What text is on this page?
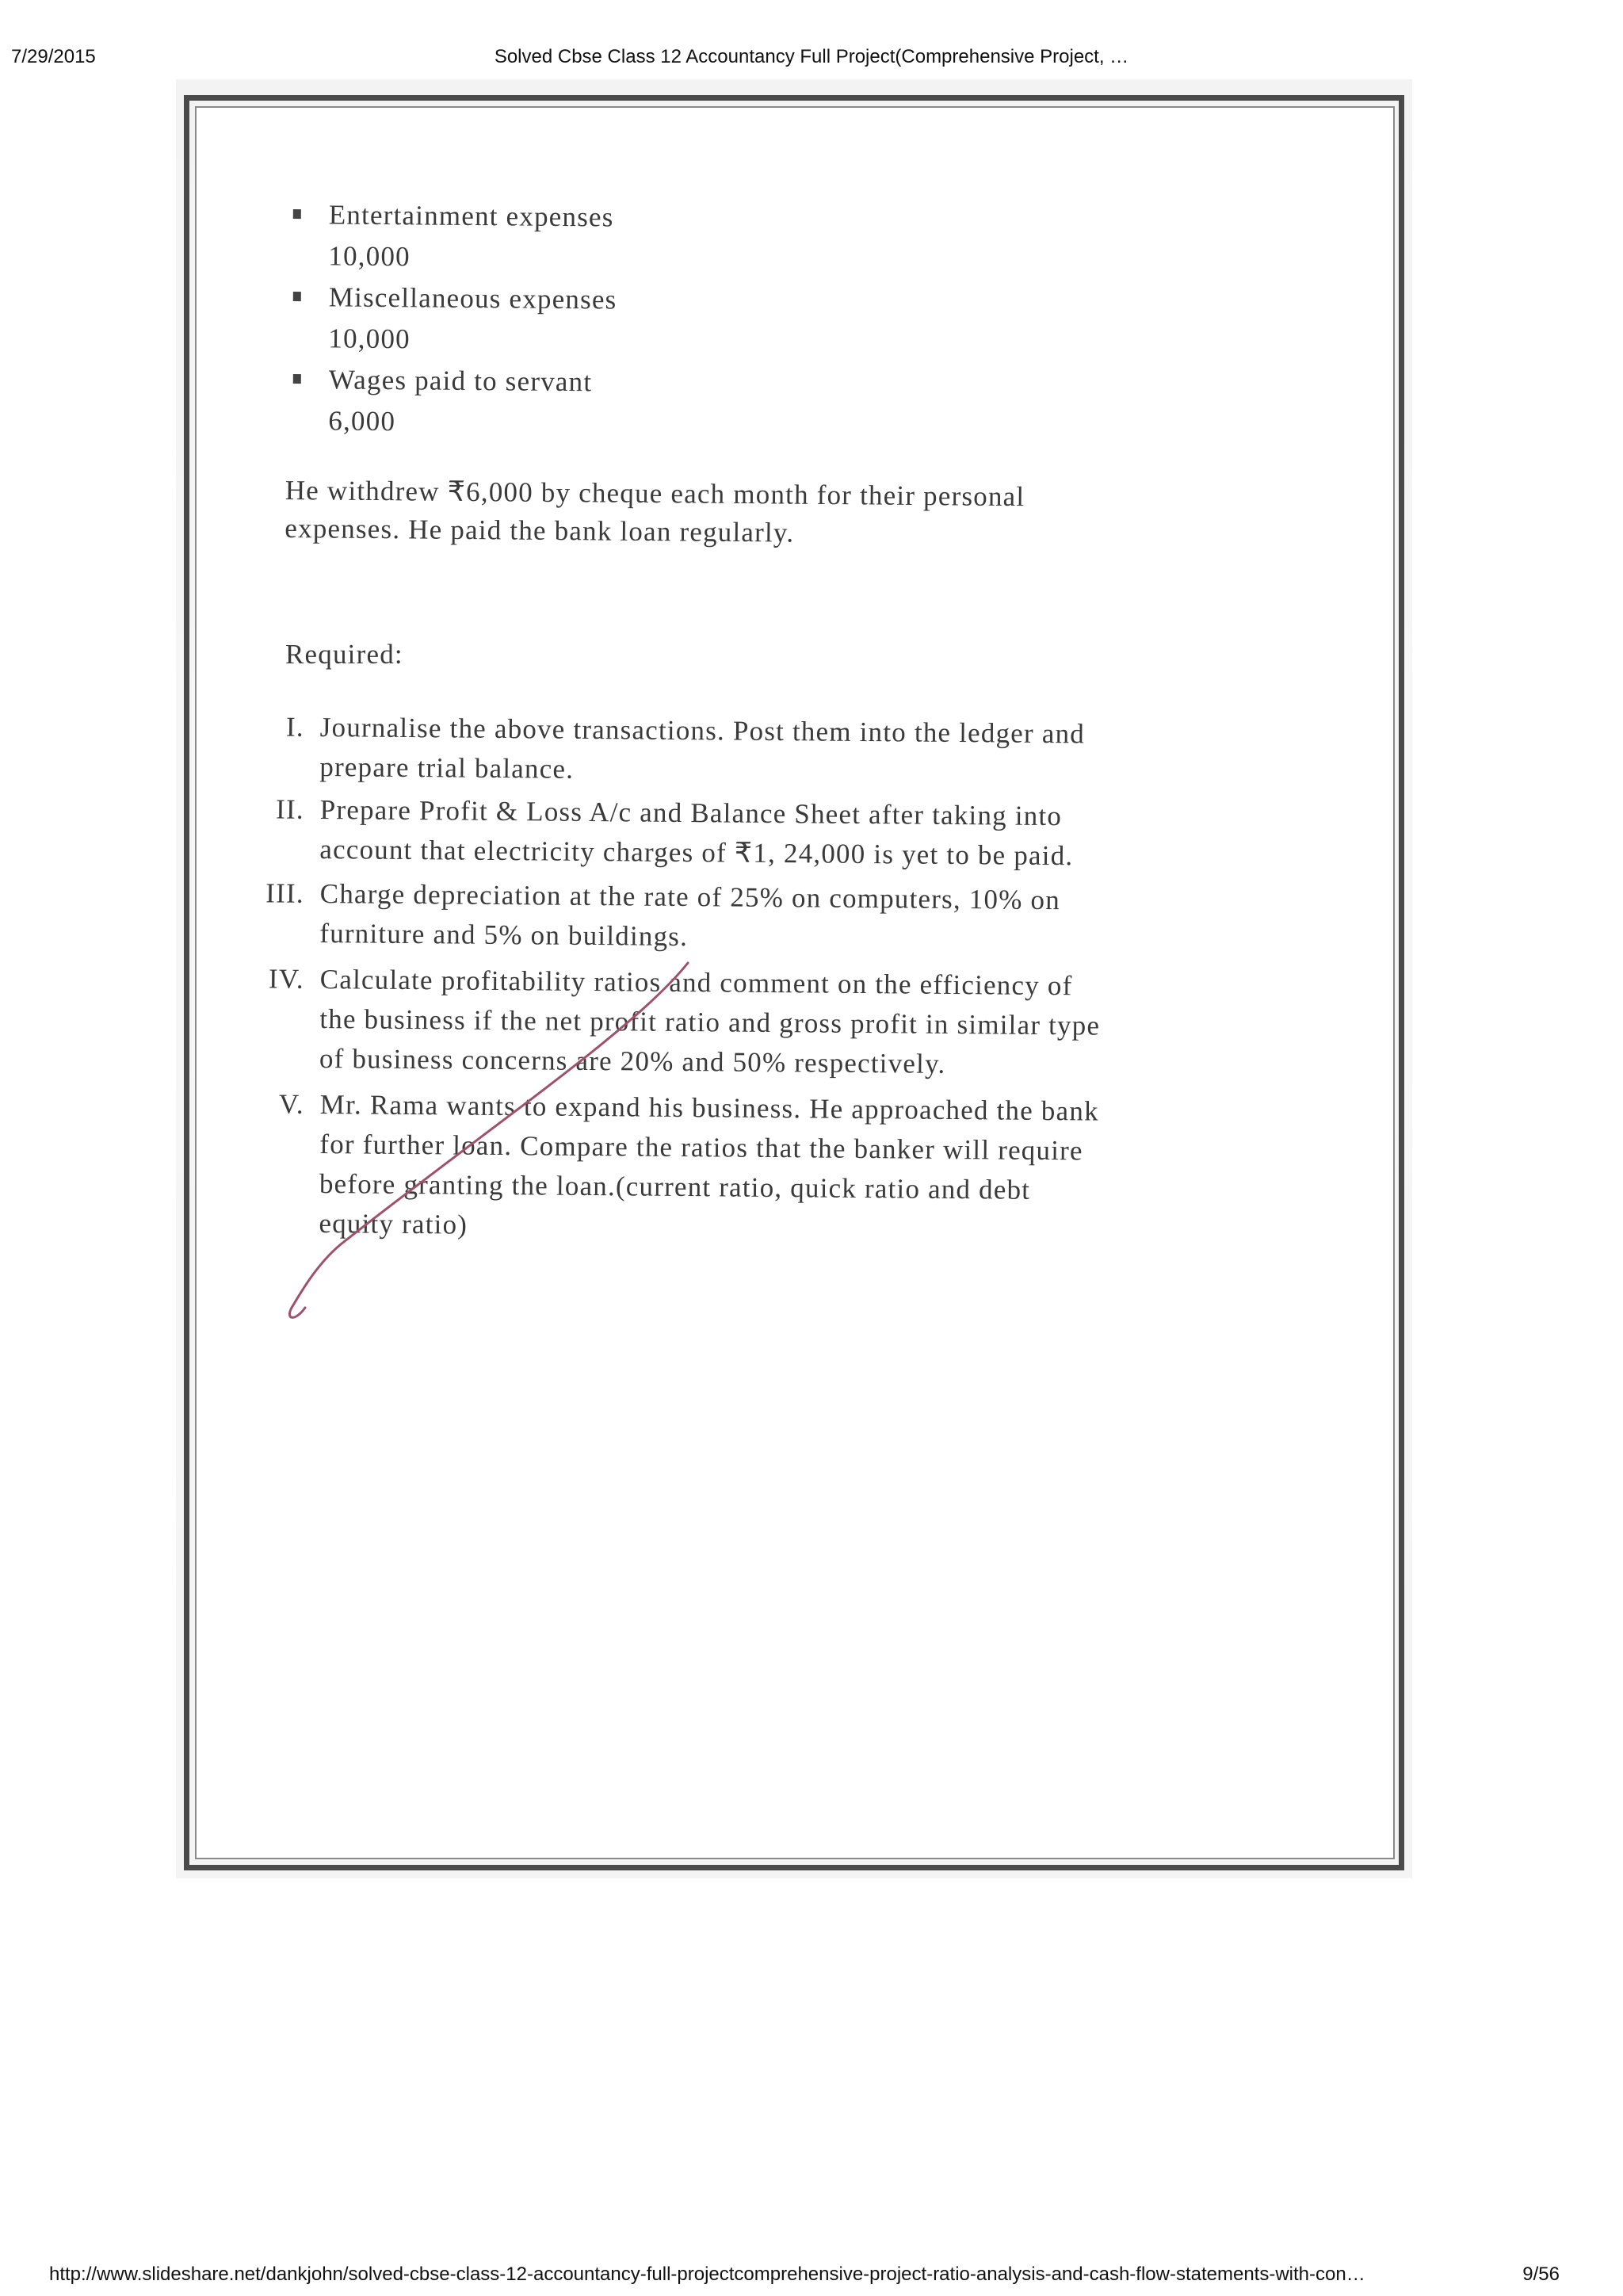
7/29/2015	Solved Cbse Class 12 Accountancy Full Project(Comprehensive Project, …
Entertainment expenses
10,000
Miscellaneous expenses
10,000
Wages paid to servant
6,000
He withdrew ₹6,000 by cheque each month for their personal
expenses. He paid the bank loan regularly.
Required:
I. Journalise the above transactions. Post them into the ledger and
prepare trial balance.
II. Prepare Profit & Loss A/c and Balance Sheet after taking into
account that electricity charges of ₹1, 24,000 is yet to be paid.
III. Charge depreciation at the rate of 25% on computers, 10% on
furniture and 5% on buildings.
IV. Calculate profitability ratios and comment on the efficiency of
the business if the net profit ratio and gross profit in similar type
of business concerns are 20% and 50% respectively.
V. Mr. Rama wants to expand his business. He approached the bank
for further loan. Compare the ratios that the banker will require
before granting the loan.(current ratio, quick ratio and debt
equity ratio)
http://www.slideshare.net/dankjohn/solved-cbse-class-12-accountancy-full-projectcomprehensive-project-ratio-analysis-and-cash-flow-statements-with-con…	9/56
